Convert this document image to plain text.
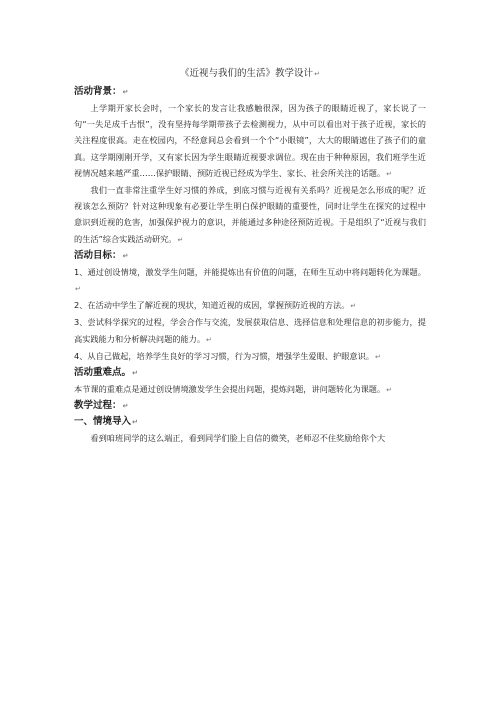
《近视与我们的生活》教学设计↵

活动背景：↵

上学期开家长会时，一个家长的发言让我感触很深，因为孩子的眼睛近视了，家长说了一句“一失足成千古恨”，没有坚持每学期带孩子去检测视力，从中可以看出对于孩子近视，家长的关注程度很高。走在校园内，不经意间总会看到一个个“小眼镜”，大大的眼睛遮住了孩子们的童真。这学期刚刚开学，又有家长因为学生眼睛近视要求调位。现在由于种种原因，我们班学生近视情况越来越严重……保护眼睛、预防近视已经成为学生、家长、社会所关注的话题。↵

我们一直非常注重学生好习惯的养成，到底习惯与近视有关系吗？近视是怎么形成的呢？近视该怎么预防？针对这种现象有必要让学生明白保护眼睛的重要性，同时让学生在探究的过程中意识到近视的危害，加强保护视力的意识，并能通过多种途径预防近视。于是组织了“近视与我们的生活”综合实践活动研究。↵

活动目标：↵

1、通过创设情境，激发学生问题，并能提炼出有价值的问题，在师生互动中将问题转化为课题。↵

2、在活动中学生了解近视的现状，知道近视的成因，掌握预防近视的方法。↵

3、尝试科学探究的过程，学会合作与交流，发展获取信息、选择信息和处理信息的初步能力，提高实践能力和分析解决问题的能力。↵

4、从自己做起，培养学生良好的学习习惯，行为习惯，增强学生爱眼、护眼意识。↵

活动重难点。↵

本节课的重难点是通过创设情境激发学生会提出问题，提炼问题，讲问题转化为课题。↵

教学过程：↵

一、情境导入↵

看到咱班同学的这么端正，看到同学们脸上自信的微笑，老师忍不住奖励给你个大
